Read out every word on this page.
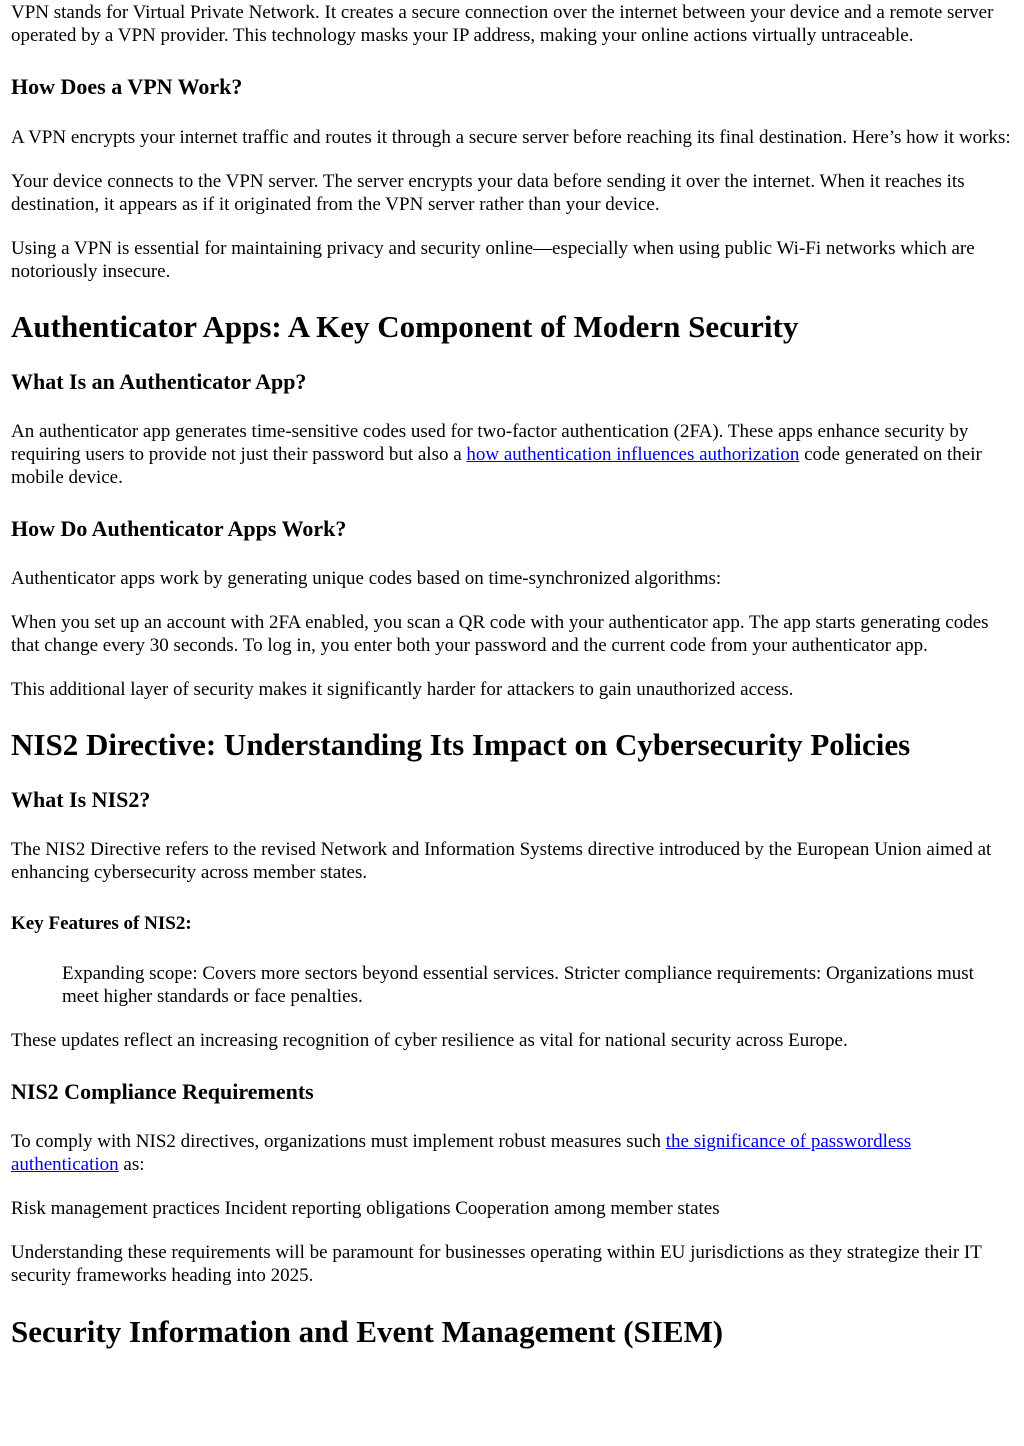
VPN stands for Virtual Private Network. It creates a secure connection over the internet between your device and a remote server operated by a VPN provider. This technology masks your IP address, making your online actions virtually untraceable.

How Does a VPN Work?

A VPN encrypts your internet traffic and routes it through a secure server before reaching its final destination. Here’s how it works:

Your device connects to the VPN server. The server encrypts your data before sending it over the internet. When it reaches its destination, it appears as if it originated from the VPN server rather than your device.

Using a VPN is essential for maintaining privacy and security online—especially when using public Wi-Fi networks which are notoriously insecure.

Authenticator Apps: A Key Component of Modern Security
What Is an Authenticator App?

An authenticator app generates time-sensitive codes used for two-factor authentication (2FA). These apps enhance security by requiring users to provide not just their password but also a how authentication influences authorization code generated on their mobile device.

How Do Authenticator Apps Work?

Authenticator apps work by generating unique codes based on time-synchronized algorithms:

When you set up an account with 2FA enabled, you scan a QR code with your authenticator app. The app starts generating codes that change every 30 seconds. To log in, you enter both your password and the current code from your authenticator app.

This additional layer of security makes it significantly harder for attackers to gain unauthorized access.

NIS2 Directive: Understanding Its Impact on Cybersecurity Policies
What Is NIS2?

The NIS2 Directive refers to the revised Network and Information Systems directive introduced by the European Union aimed at enhancing cybersecurity across member states.

Key Features of NIS2:
Expanding scope: Covers more sectors beyond essential services. Stricter compliance requirements: Organizations must meet higher standards or face penalties.

These updates reflect an increasing recognition of cyber resilience as vital for national security across Europe.

NIS2 Compliance Requirements

To comply with NIS2 directives, organizations must implement robust measures such the significance of passwordless authentication as:

Risk management practices Incident reporting obligations Cooperation among member states

Understanding these requirements will be paramount for businesses operating within EU jurisdictions as they strategize their IT security frameworks heading into 2025.

Security Information and Event Management (SIEM)
